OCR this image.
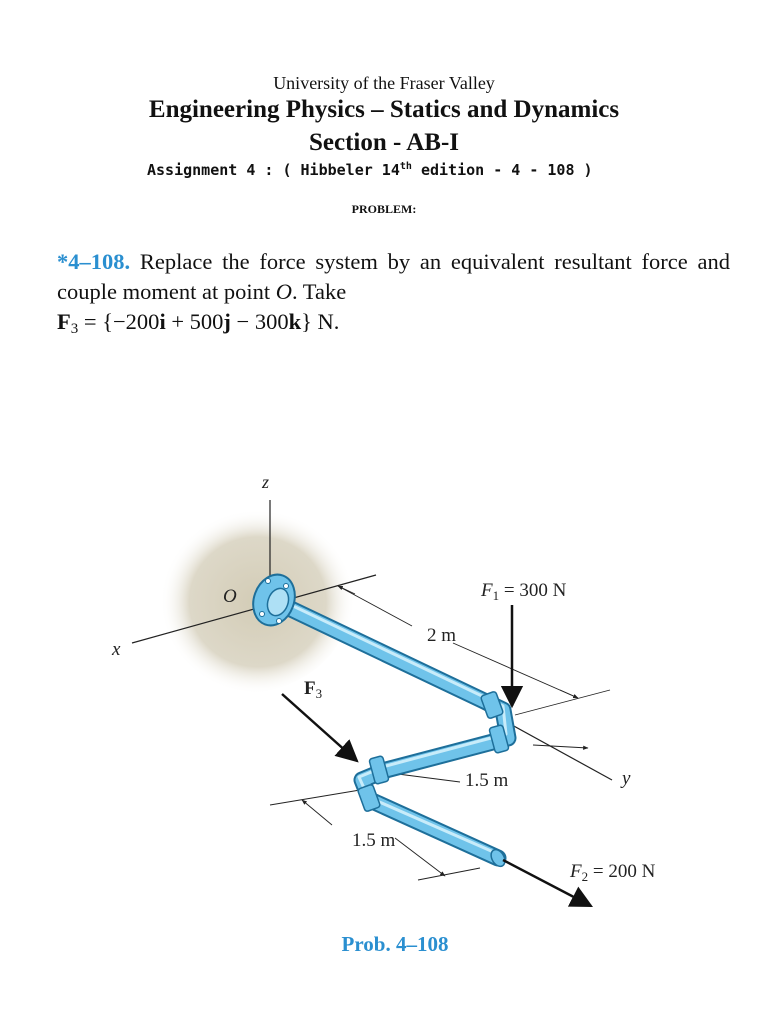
University of the Fraser Valley
Engineering Physics – Statics and Dynamics
Section - AB-I
Assignment 4 : ( Hibbeler 14th edition - 4 - 108 )
PROBLEM:
*4–108. Replace the force system by an equivalent resultant force and couple moment at point O. Take
$F_3 = \{-200i + 500j - 300k\}$ N.
z
x
y
O	$F_1 = 300$ N
$F_2 = 200$ N
$F_3$
2 m
1.5 m
1.5 m
Prob. 4–108
